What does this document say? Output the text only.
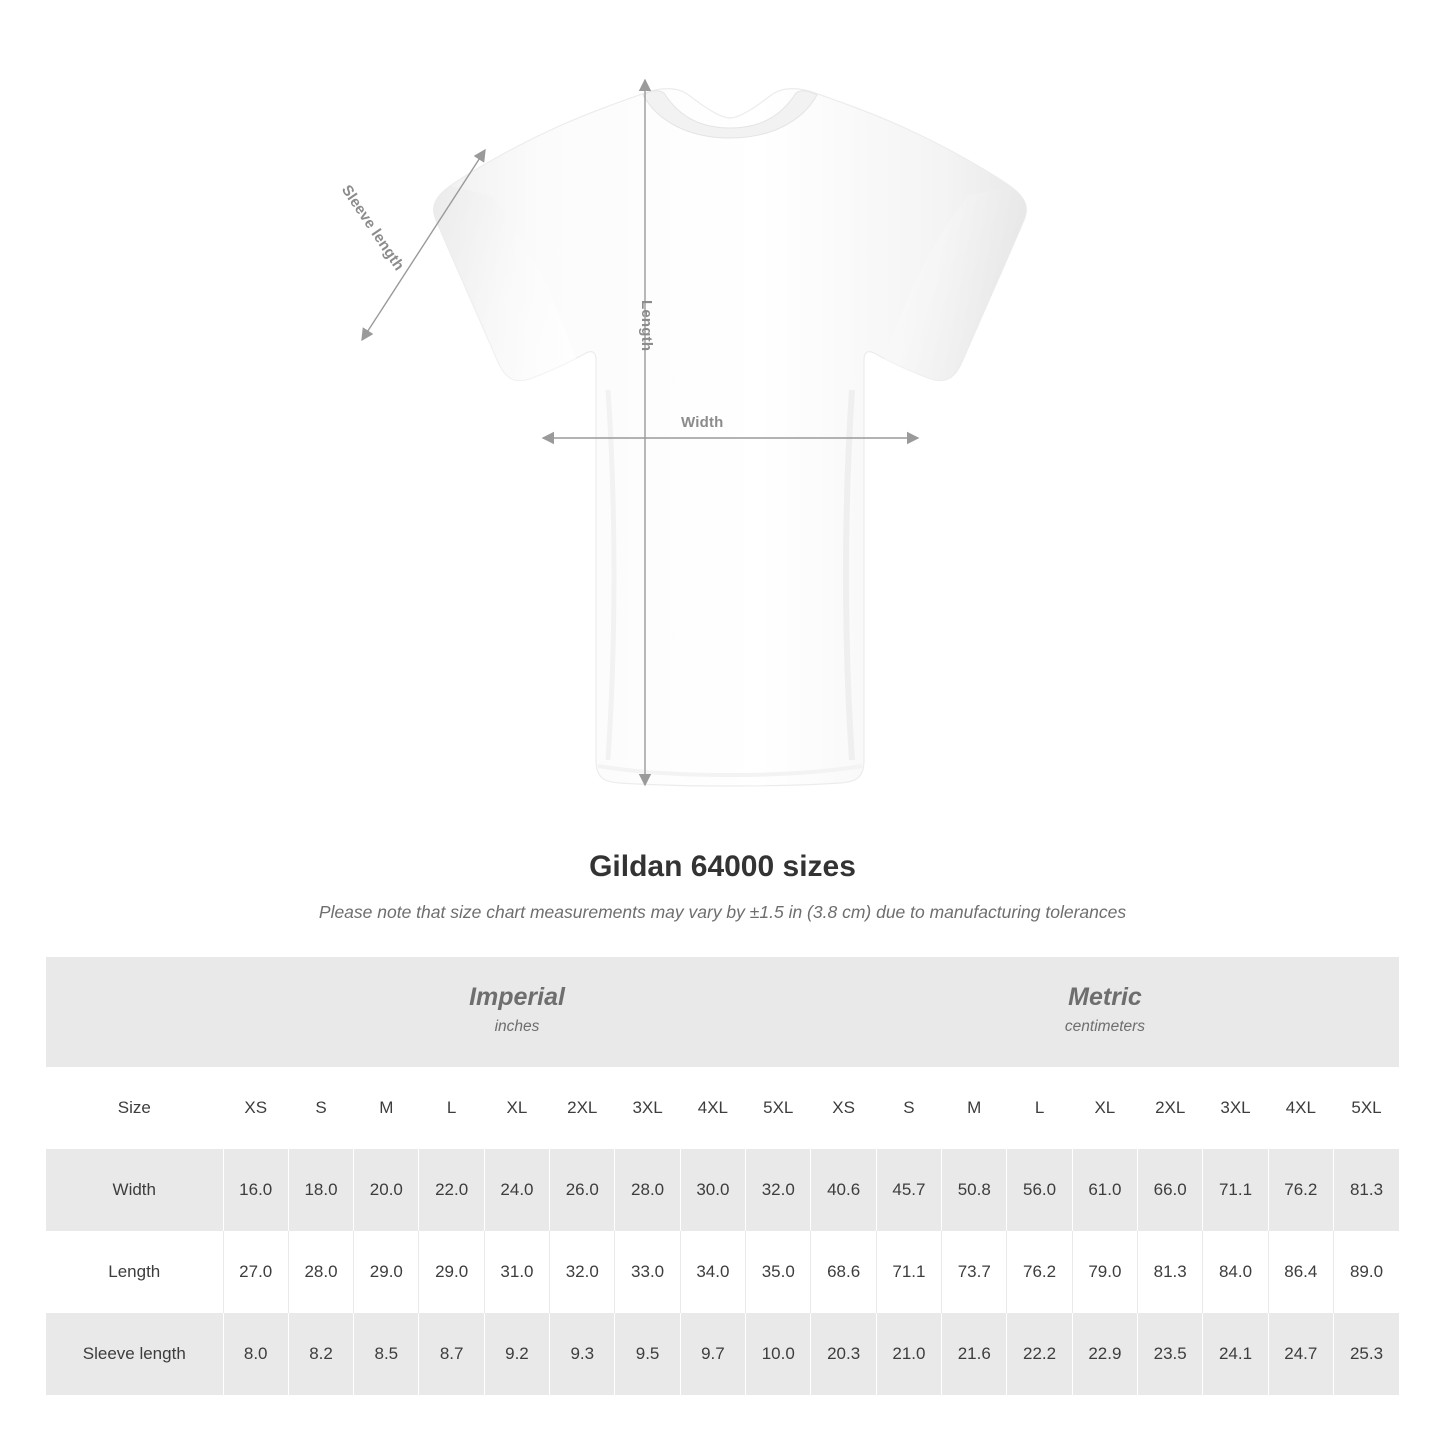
Sleeve length
Length
Width
Gildan 64000 sizes

Please note that size chart measurements may vary by ±1.5 in (3.8 cm) due to manufacturing tolerances

Imperial
inches

Metric
centimeters

Size	XS	S	M	L	XL	2XL	3XL	4XL	5XL	XS	S	M	L	XL	2XL	3XL	4XL	5XL
Width	16.0	18.0	20.0	22.0	24.0	26.0	28.0	30.0	32.0	40.6	45.7	50.8	56.0	61.0	66.0	71.1	76.2	81.3
Length	27.0	28.0	29.0	29.0	31.0	32.0	33.0	34.0	35.0	68.6	71.1	73.7	76.2	79.0	81.3	84.0	86.4	89.0
Sleeve length	8.0	8.2	8.5	8.7	9.2	9.3	9.5	9.7	10.0	20.3	21.0	21.6	22.2	22.9	23.5	24.1	24.7	25.3
